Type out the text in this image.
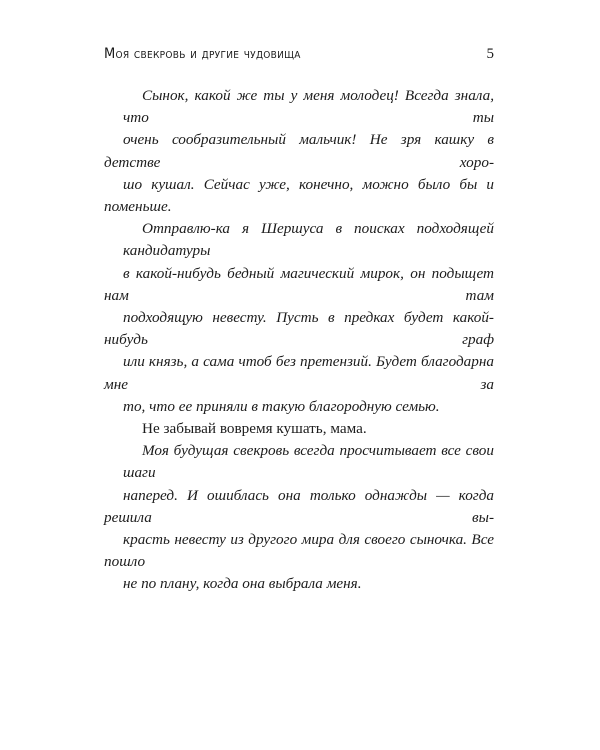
Моя свекровь и другие чудовища	5

Сынок, какой же ты у меня молодец! Всегда знала, что ты
очень сообразительный мальчик! Не зря кашку в детстве хоро-
шо кушал. Сейчас уже, конечно, можно было бы и поменьше.

Отправлю-ка я Шершуса в поисках подходящей кандидатуры
в какой-нибудь бедный магический мирок, он подыщет нам там
подходящую невесту. Пусть в предках будет какой-нибудь граф
или князь, а сама чтоб без претензий. Будет благодарна мне за
то, что ее приняли в такую благородную семью.

Не забывай вовремя кушать, мама.

Моя будущая свекровь всегда просчитывает все свои шаги
наперед. И ошиблась она только однажды — когда решила вы-
красть невесту из другого мира для своего сыночка. Все пошло
не по плану, когда она выбрала меня.
